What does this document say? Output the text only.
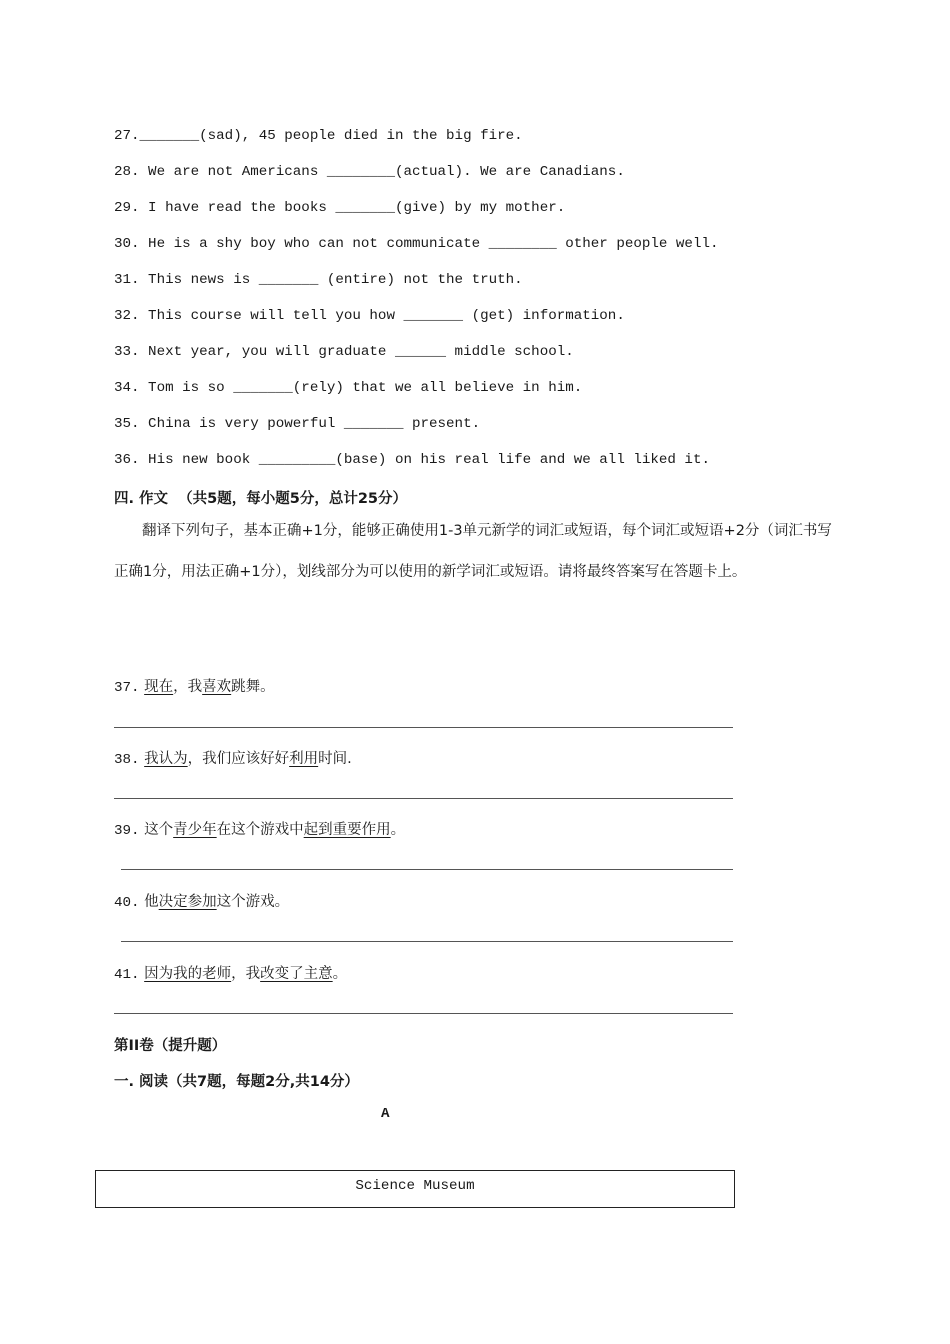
27._______(sad), 45 people died in the big fire.
28. We are not Americans ________(actual). We are Canadians.
29. I have read the books _______(give) by my mother.
30. He is a shy boy who can not communicate ________ other people well.
31. This news is _______ (entire) not the truth.
32. This course will tell you how _______ (get) information.
33. Next year, you will graduate ______ middle school.
34. Tom is so _______(rely) that we all believe in him.
35. China is very powerful _______ present.
36. His new book _________(base) on his real life and we all liked it.
四. 作文  （共5题，每小题5分，总计25分）
翻译下列句子，基本正确+1分，能够正确使用1-3单元新学的词汇或短语，每个词汇或短语+2分（词汇书写正确1分，用法正确+1分），划线部分为可以使用的新学词汇或短语。请将最终答案写在答题卡上。
37. 现在，我喜欢跳舞。
38. 我认为，我们应该好好利用时间.
39. 这个青少年在这个游戏中起到重要作用。
40. 他决定参加这个游戏。
41. 因为我的老师，我改变了主意。
第II卷（提升题）
一. 阅读（共7题，每题2分,共14分）
A
Science Museum
